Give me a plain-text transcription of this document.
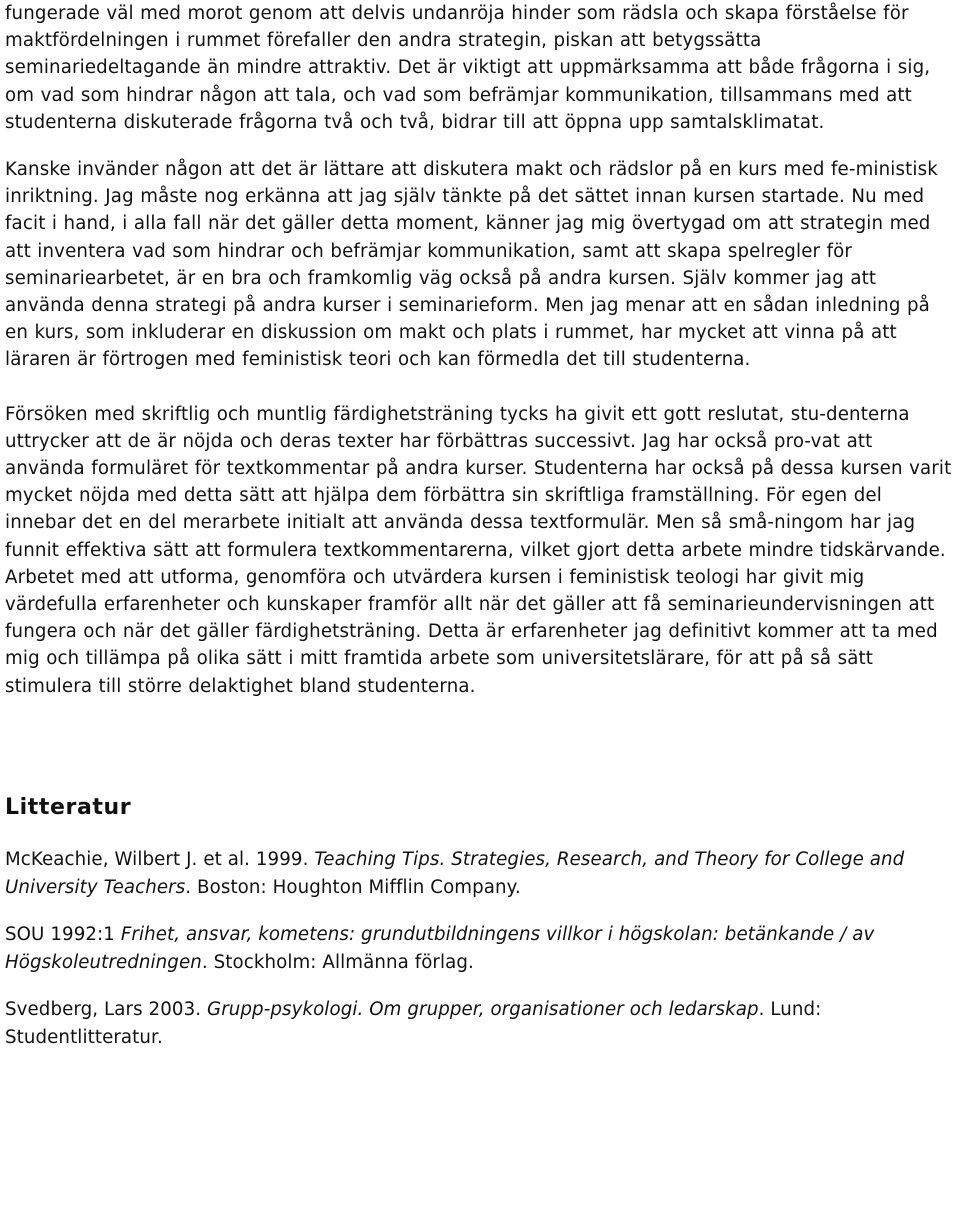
fungerade väl med morot genom att delvis undanröja hinder som rädsla och skapa förståelse för maktfördelningen i rummet förefaller den andra strategin, piskan att betygssätta seminariedeltagande än mindre attraktiv. Det är viktigt att uppmärksamma att både frågorna i sig, om vad som hindrar någon att tala, och vad som befrämjar kommunikation, tillsammans med att studenterna diskuterade frågorna två och två, bidrar till att öppna upp samtalsklimatat.

Kanske invänder någon att det är lättare att diskutera makt och rädslor på en kurs med fe-ministisk inriktning. Jag måste nog erkänna att jag själv tänkte på det sättet innan kursen startade. Nu med facit i hand, i alla fall när det gäller detta moment, känner jag mig övertygad om att strategin med att inventera vad som hindrar och befrämjar kommunikation, samt att skapa spelregler för seminariearbetet, är en bra och framkomlig väg också på andra kursen. Själv kommer jag att använda denna strategi på andra kurser i seminarieform. Men jag menar att en sådan inledning på en kurs, som inkluderar en diskussion om makt och plats i rummet, har mycket att vinna på att läraren är förtrogen med feministisk teori och kan förmedla det till studenterna.

Försöken med skriftlig och muntlig färdighetsträning tycks ha givit ett gott reslutat, stu-denterna uttrycker att de är nöjda och deras texter har förbättras successivt. Jag har också pro-vat att använda formuläret för textkommentar på andra kurser. Studenterna har också på dessa kursen varit mycket nöjda med detta sätt att hjälpa dem förbättra sin skriftliga framställning. För egen del innebar det en del merarbete initialt att använda dessa textformulär. Men så små-ningom har jag funnit effektiva sätt att formulera textkommentarerna, vilket gjort detta arbete mindre tidskärvande. Arbetet med att utforma, genomföra och utvärdera kursen i feministisk teologi har givit mig värdefulla erfarenheter och kunskaper framför allt när det gäller att få seminarieundervisningen att fungera och när det gäller färdighetsträning. Detta är erfarenheter jag definitivt kommer att ta med mig och tillämpa på olika sätt i mitt framtida arbete som universitetslärare, för att på så sätt stimulera till större delaktighet bland studenterna.

Litteratur

McKeachie, Wilbert J. et al. 1999. Teaching Tips. Strategies, Research, and Theory for College and University Teachers. Boston: Houghton Mifflin Company.

SOU 1992:1 Frihet, ansvar, kometens: grundutbildningens villkor i högskolan: betänkande / av Högskoleutredningen. Stockholm: Allmänna förlag.

Svedberg, Lars 2003. Grupp-psykologi. Om grupper, organisationer och ledarskap. Lund: Studentlitteratur.
